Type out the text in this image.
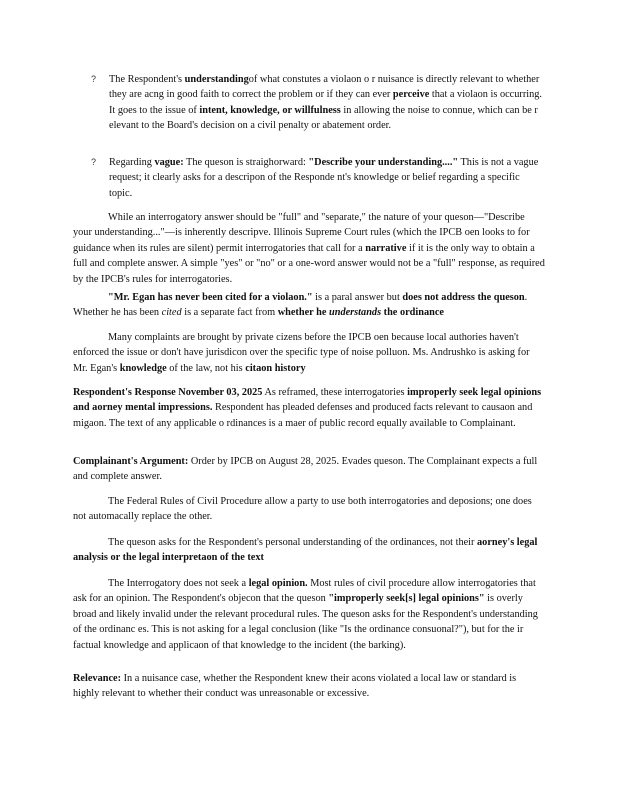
? The Respondent's understandingof what constutes a violaon o r nuisance is directly relevant to whether they are acng in good faith to correct the problem or if they can ever perceive that a violaon is occurring. It goes to the issue of intent, knowledge, or willfulness in allowing the noise to connue, which can be r elevant to the Board's decision on a civil penalty or abatement order.
? Regarding vague: The queson is straighorward: "Describe your understanding...." This is not a vague request; it clearly asks for a descripon of the Responde nt's knowledge or belief regarding a specific topic.
While an interrogatory answer should be "full" and "separate," the nature of your queson—"Describe your understanding..."—is inherently descripve. Illinois Supreme Court rules (which the IPCB oen looks to for guidance when its rules are silent) permit interrogatories that call for a narrative if it is the only way to obtain a full and complete answer. A simple "yes" or "no" or a one-word answer would not be a "full" response, as required by the IPCB's rules for interrogatories.
"Mr. Egan has never been cited for a violaon." is a paral answer but does not address the queson. Whether he has been cited is a separate fact from whether he understands the ordinance
Many complaints are brought by private cizens before the IPCB oen because local authories haven't enforced the issue or don't have jurisdicon over the specific type of noise polluon. Ms. Andrushko is asking for Mr. Egan's knowledge of the law, not his citaon history
Respondent's Response November 03, 2025 As reframed, these interrogatories improperly seek legal opinions and aorney mental impressions. Respondent has pleaded defenses and produced facts relevant to causaon and migaon. The text of any applicable o rdinances is a maer of public record equally available to Complainant.
Complainant's Argument: Order by IPCB on August 28, 2025. Evades queson. The Complainant expects a full and complete answer.
The Federal Rules of Civil Procedure allow a party to use both interrogatories and deposions; one does not automacally replace the other.
The queson asks for the Respondent's personal understanding of the ordinances, not their aorney's legal analysis or the legal interpretaon of the text
The Interrogatory does not seek a legal opinion. Most rules of civil procedure allow interrogatories that ask for an opinion. The Respondent's objecon that the queson "improperly seek[s] legal opinions" is overly broad and likely invalid under the relevant procedural rules. The queson asks for the Respondent's understanding of the ordinanc es. This is not asking for a legal conclusion (like "Is the ordinance consuonal?"), but for the ir factual knowledge and applicaon of that knowledge to the incident (the barking).
Relevance: In a nuisance case, whether the Respondent knew their acons violated a local law or standard is highly relevant to whether their conduct was unreasonable or excessive.
